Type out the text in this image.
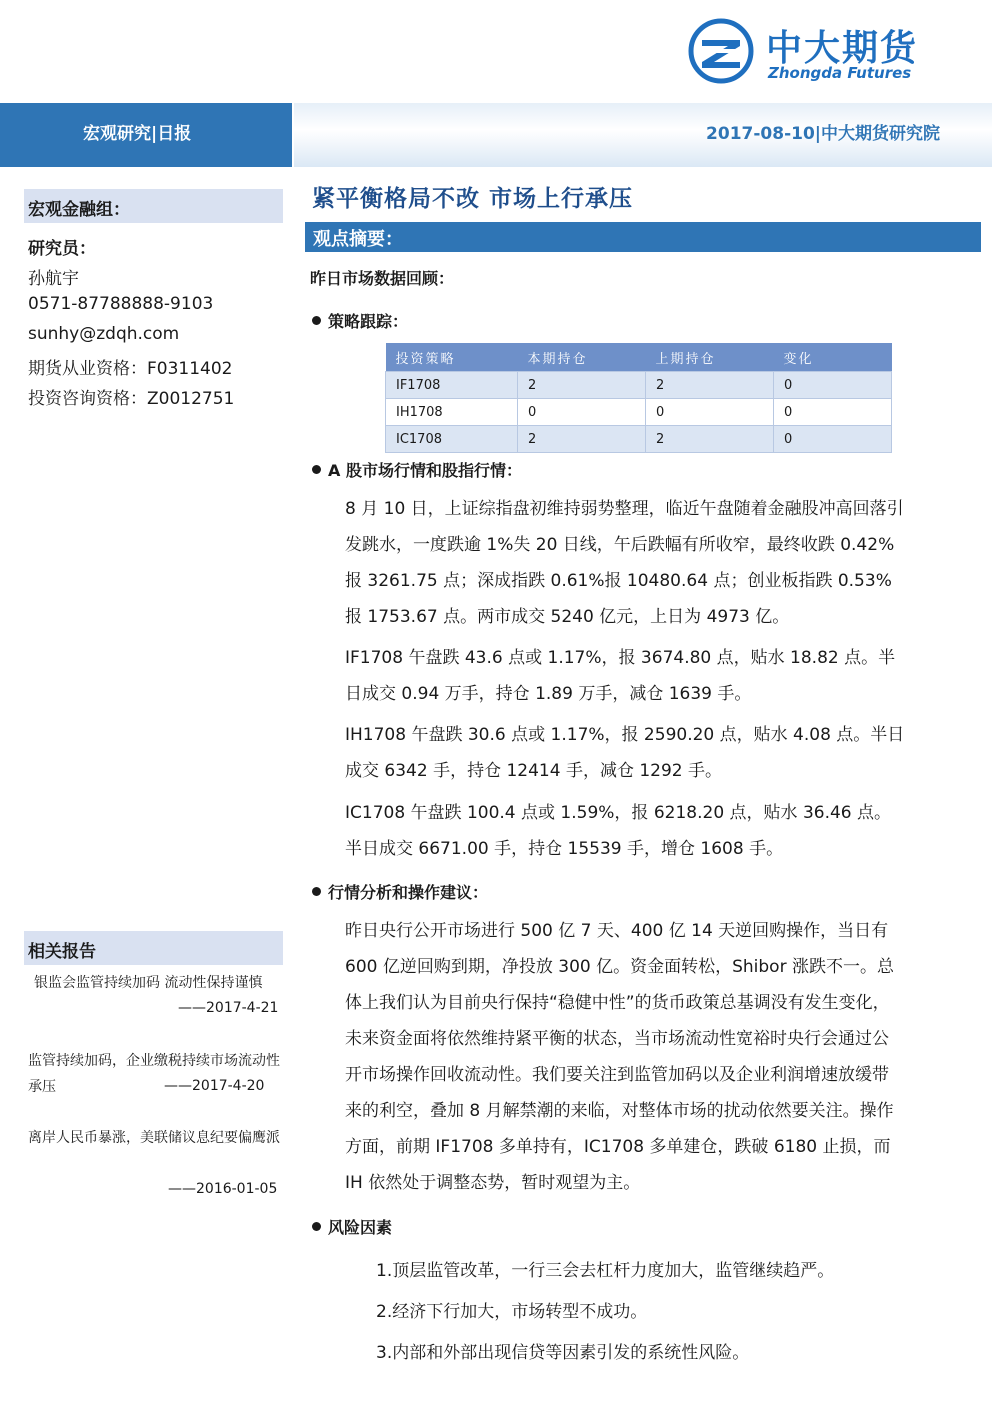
中大期货
Zhongda Futures
宏观研究|日报	2017-08-10|中大期货研究院
宏观金融组：
研究员：
孙航宇
0571-87788888-9103
sunhy@zdqh.com
期货从业资格：F0311402
投资咨询资格：Z0012751
相关报告
银监会监管持续加码 流动性保持谨慎
——2017-4-21
监管持续加码，企业缴税持续市场流动性承压	——2017-4-20
离岸人民币暴涨，美联储议息纪要偏鹰派
——2016-01-05
紧平衡格局不改 市场上行承压
观点摘要：
昨日市场数据回顾：
策略跟踪：
投资策略	本期持仓	上期持仓	变化
IF1708	2	2	0
IH1708	0	0	0
IC1708	2	2	0
A 股市场行情和股指行情：
8 月 10 日，上证综指盘初维持弱势整理，临近午盘随着金融股冲高回落引发跳水，一度跌逾 1%失 20 日线，午后跌幅有所收窄，最终收跌 0.42%报 3261.75 点；深成指跌 0.61%报 10480.64 点；创业板指跌 0.53%报 1753.67 点。两市成交 5240 亿元，上日为 4973 亿。
IF1708 午盘跌 43.6 点或 1.17%，报 3674.80 点，贴水 18.82 点。半日成交 0.94 万手，持仓 1.89 万手，减仓 1639 手。
IH1708 午盘跌 30.6 点或 1.17%，报 2590.20 点，贴水 4.08 点。半日成交 6342 手，持仓 12414 手，减仓 1292 手。
IC1708 午盘跌 100.4 点或 1.59%，报 6218.20 点，贴水 36.46 点。半日成交 6671.00 手，持仓 15539 手，增仓 1608 手。
行情分析和操作建议：
昨日央行公开市场进行 500 亿 7 天、400 亿 14 天逆回购操作，当日有 600 亿逆回购到期，净投放 300 亿。资金面转松，Shibor 涨跌不一。总体上我们认为目前央行保持“稳健中性”的货币政策总基调没有发生变化，未来资金面将依然维持紧平衡的状态，当市场流动性宽裕时央行会通过公开市场操作回收流动性。我们要关注到监管加码以及企业利润增速放缓带来的利空，叠加 8 月解禁潮的来临，对整体市场的扰动依然要关注。操作方面，前期 IF1708 多单持有，IC1708 多单建仓，跌破 6180 止损，而 IH 依然处于调整态势，暂时观望为主。
风险因素
1.顶层监管改革，一行三会去杠杆力度加大，监管继续趋严。
2.经济下行加大，市场转型不成功。
3.内部和外部出现信贷等因素引发的系统性风险。
